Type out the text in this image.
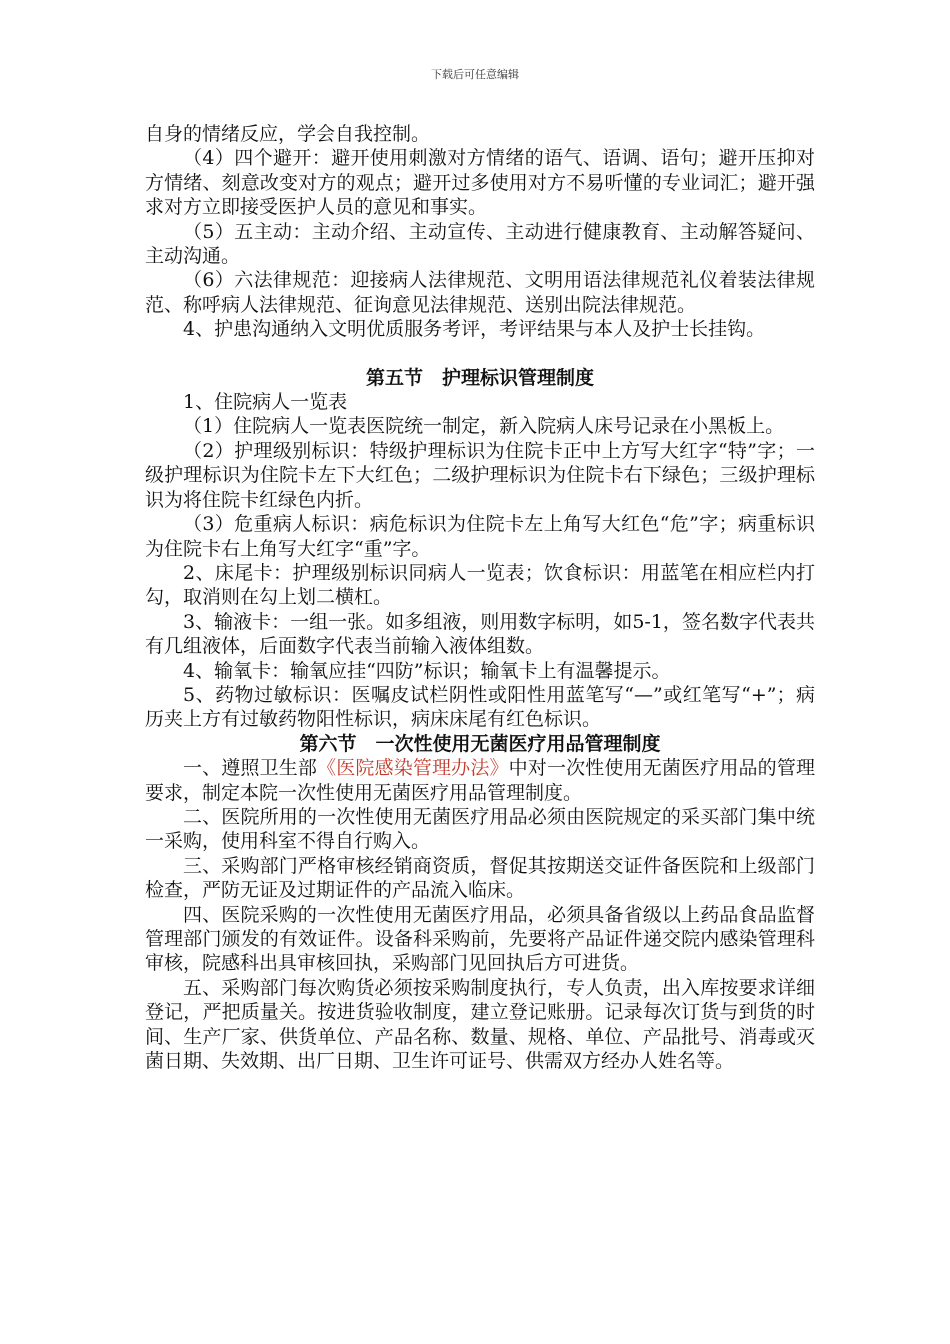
下载后可任意编辑

自身的情绪反应，学会自我控制。

（4）四个避开：避开使用刺激对方情绪的语气、语调、语句；避开压抑对方情绪、刻意改变对方的观点；避开过多使用对方不易听懂的专业词汇；避开强求对方立即接受医护人员的意见和事实。

（5）五主动：主动介绍、主动宣传、主动进行健康教育、主动解答疑问、主动沟通。

（6）六法律规范：迎接病人法律规范、文明用语法律规范礼仪着装法律规范、称呼病人法律规范、征询意见法律规范、送别出院法律规范。

4、护患沟通纳入文明优质服务考评，考评结果与本人及护士长挂钩。

第五节　护理标识管理制度

1、住院病人一览表

（1）住院病人一览表医院统一制定，新入院病人床号记录在小黑板上。

（2）护理级别标识：特级护理标识为住院卡正中上方写大红字“特”字；一级护理标识为住院卡左下大红色；二级护理标识为住院卡右下绿色；三级护理标识为将住院卡红绿色内折。

（3）危重病人标识：病危标识为住院卡左上角写大红色“危”字；病重标识为住院卡右上角写大红字“重”字。

2、床尾卡：护理级别标识同病人一览表；饮食标识：用蓝笔在相应栏内打勾，取消则在勾上划二横杠。

3、输液卡：一组一张。如多组液，则用数字标明，如5-1，签名数字代表共有几组液体，后面数字代表当前输入液体组数。

4、输氧卡：输氧应挂“四防”标识；输氧卡上有温馨提示。

5、药物过敏标识：医嘱皮试栏阴性或阳性用蓝笔写“—”或红笔写“+”；病历夹上方有过敏药物阳性标识，病床床尾有红色标识。

第六节　一次性使用无菌医疗用品管理制度

一、遵照卫生部《医院感染管理办法》中对一次性使用无菌医疗用品的管理要求，制定本院一次性使用无菌医疗用品管理制度。

二、医院所用的一次性使用无菌医疗用品必须由医院规定的采买部门集中统一采购，使用科室不得自行购入。

三、采购部门严格审核经销商资质，督促其按期送交证件备医院和上级部门检查，严防无证及过期证件的产品流入临床。

四、医院采购的一次性使用无菌医疗用品，必须具备省级以上药品食品监督管理部门颁发的有效证件。设备科采购前，先要将产品证件递交院内感染管理科审核，院感科出具审核回执，采购部门见回执后方可进货。

五、采购部门每次购货必须按采购制度执行，专人负责，出入库按要求详细登记，严把质量关。按进货验收制度，建立登记账册。记录每次订货与到货的时间、生产厂家、供货单位、产品名称、数量、规格、单位、产品批号、消毒或灭菌日期、失效期、出厂日期、卫生许可证号、供需双方经办人姓名等。
